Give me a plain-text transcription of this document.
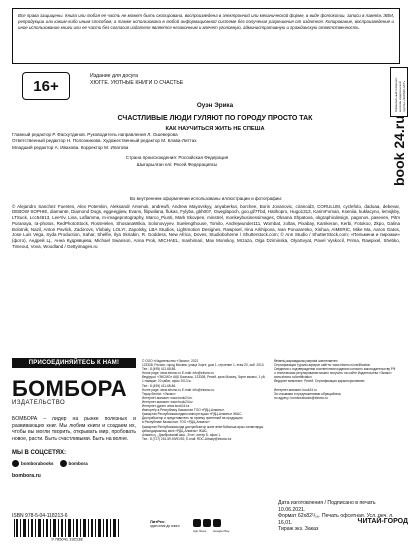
Все права защищены. Книга или любая ее часть не может быть скопирована, воспроизведена в электронной или механической форме, в виде фотокопии, записи в память ЭВМ, репродукции или каким-либо иным способом, а также использована в любой информационной системе без получения разрешения от издателя. Копирование, воспроизведение и иное использование книги или ее части без согласия издателя является незаконным и влечет уголовную, административную и гражданскую ответственность.
16+
Издание для досуга
ХЮГГЕ. УЮТНЫЕ КНИГИ О СЧАСТЬЕ
Оуэн Эрика
СЧАСТЛИВЫЕ ЛЮДИ ГУЛЯЮТ ПО ГОРОДУ ПРОСТО ТАК
КАК НАУЧИТЬСЯ ЖИТЬ НЕ СПЕША
Официальный интернет-магазин издательской группы «ЭКСМО-АСТ»
book 24.ru
Главный редактор Р. Фасхутдинов. Руководитель направления Л. Ошеверова
Ответственный редактор Н. Полозникова. Художественный редактор М. Клава-Литтах
Младший редактор А. Ивахова. Корректор М. Ипатова
Страна происхождения: Российская Федерация
Шығарылған елі: Ресей Федерациясы
Во внутреннем оформлении использованы иллюстрации и фотографии:
© Alejandro Sanchez Fuentes, Alex Potemkin, Aleksandr Arsenuk, andrewfi, Andrew Mayovskyy, anyaberkut, borchee, Boris Jovanovic, ciranoid3, CORULUM, cyclefoto, dadoaa, debevar, DEBOW SOPHIE, diamante, Diamond Dogs, eggeegjiew, Evans, filipwilana, flukas, Fylyba, gbh007, Gweglapoch, goo.gl/7Tbd, Hatihopro, Hugo1313, KarimFoman, Kseniia, kuklacyno, lemsjkby, LTSuck, Lcc54613, LeeYiv, Lina, Laflamma, m-imageprotography, Marco_Piunti, Mark Skovpen, minstrel, monkeybusinessimages, Oksana Shpatova, okgraphicdesign, pagonos, paseven, Pitm Puranaya, ra-photos, RedPhotoStock, RossHelen, ShosanaWikia, Solonovyyev, Suelengthouse, Tomilo, Andrejwunder111, Wombat, zoltas, Pixabay, Kamkeran, Kerbi, Fotokoo, Zkpo, Galina Bolotnik, Nazil, Anton Pavlick, Zadorovs, Vlobaly, LOLYI, Zapolsky, LBA Studios, Lightmotion Designes, Rawpixel, Irina Arkhipova, Ivan Ponoarenko, Xinhua, AIMERIC, Mike Ma, Aaron Gatos, Jose Luis Vega, Syda Production, Sahar, Shelfie, Ilya Skriabin, R. Goddess, New Africa, Doves, Studioboheme / Shutterstock.com; © Ann Studio / ShutterStock.com; «Пельмени и пирожки» (фото), Андрей Ц., Анна Кудрявцева, Michael Swanson, Anna Prok, MICHAEL, mashimari, Max Monskoy, Mrzaza, Olga Dziminska, OlyaSvyat, Pavel Vyskocil, Prima, Rawpixel, Shebko, Timeout, Vova, Woodland / Gettyimages.ru
ПРИСОЕДИНЯЙТЕСЬ К НАМ!
БОМБОРА
ИЗДАТЕЛЬСТВО
БОМБОРА – лидер на рынке полезных и развивающих книг. Мы любим книги и создаем их, чтобы вы могли творить, открывать мир, пробовать новое, расти. Быть счастливыми. Быть на волне.
МЫ В СОЦСЕТЯХ:
bomborabooks	bombora
bombora.ru
© ООО «Издательство «Эксмо», 2021
123308, Россия, город Москва, улица Зорге, дом 1, строение 1, этаж 20, каб. 2013.
Тел.: 8 (495) 411-68-86.
Home page: www.eksmo.ru E-mail: info@eksmo.ru
Өндіруші: «ЭКСМО» АҚБ Баспасы, 123308, Ресей, қала Мәскеу, Зорге көшесі, 1 үй, 1 ғимарат, 20 қабат, офис 2013 ж.
Тел.: 8 (495) 411-68-86.
Home page: www.eksmo.ru E-mail: info@eksmo.ru.
Тауар белгісі: «Эксмо»
Интернет-магазин: www.book24.ru
Интернет-магазин: www.book24.kz
Интернет-дүкен: www.book24.kz
Импортёр в Республику Казахстан ТОО «РДЦ-Алматы».
Қазақстан Республикасындағы импорттаушы «РДЦ-Алматы» ЖШС.
Дистрибьютор и представитель по приему претензий на продукцию,
в Республике Казахстан: ТОО «РДЦ-Алматы»
Қазақстан Республикасында дистрибьютор және өнім бойынша арыз-талаптарды
қабылдаушының өкілі «РДЦ-Алматы» ЖШС,
Алматы қ., Домбровский көш., 3«а», литер Б, офис 1.
Тел.: 8 (727) 251-59-90/91/92; E-mail: RDC-Almaty@eksmo.kz
Өнімнің жарамдылық мерзімі шектелмеген.
Сертификация туралы ақпарат сайтта: www.eksmo.ru/certification
Сведения о подтверждении соответствия издания согласно законодательству РФ
о техническом регулировании можно получить на сайте Издательства «Эксмо»
www.eksmo.ru/certification
Өндірген мемлекет: Ресей. Сертификация қарастырылмаған

Интернет-магазин: book24.ru
За отзывами и предложениями обращайтесь
по адресу: bomborabooks@eksmo.ru
Дата изготовления / Подписано в печать 10.06.2021.
Формат 62x82¹/₁₆. Печать офсетная. Усл. печ. л. 16,01.
Тираж экз. Заказ
ISBN 978-5-04-118213-6
9 785041 192138
ЛитРес:
один клик до книги
App Store Google Play
ЧИТАЙ-ГОРОД
